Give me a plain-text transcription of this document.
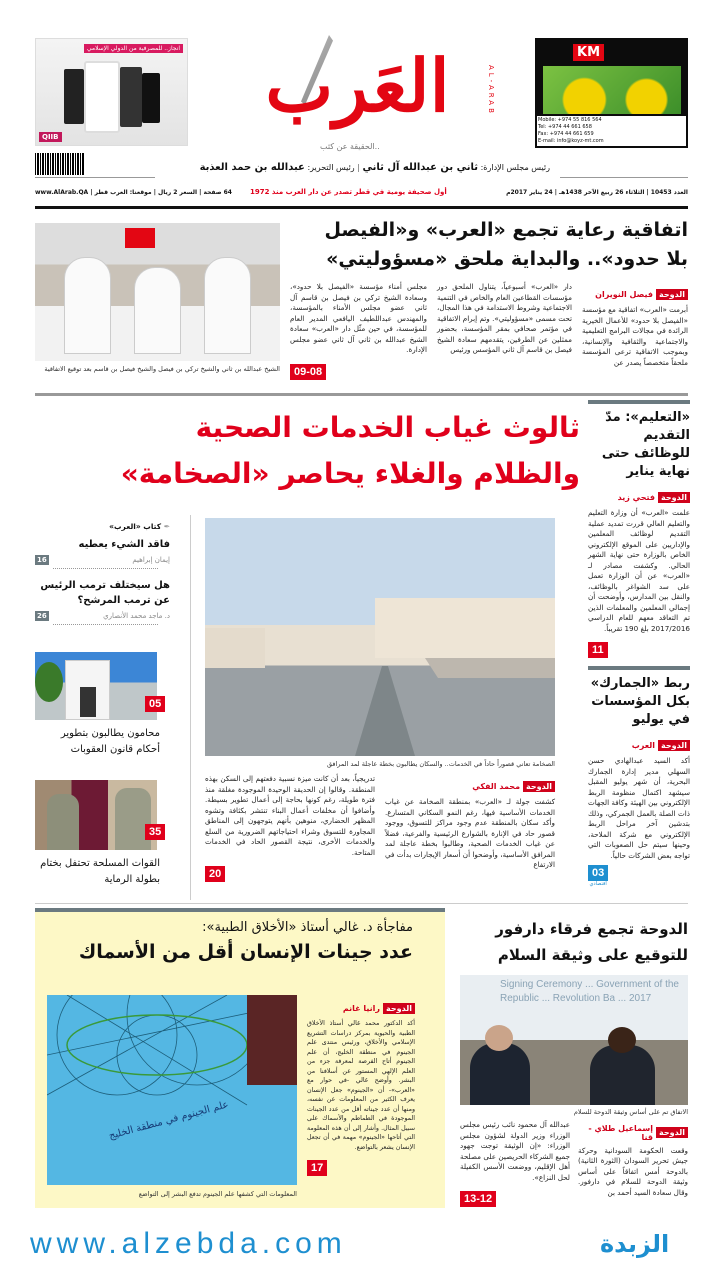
انجاز.. للمصرفية من الدولي الإسلامي
QIIB
العَرب	AL-ARAB
..الحقيقة عن كثب
KM
Mobile: +974 55 816 564
Tel: +974 44 661 658
Fax: +974 44 661 659
E-mail: info@koyz-mt.com
رئيس مجلس الإدارة: ثاني بن عبدالله آل ثاني | رئيس التحرير: عبدالله بن حمد العذبة
العدد 10453 | الثلاثاء 26 ربيع الآخر 1438هـ | 24 يناير 2017م
أول صحيفة يومية في قطر تصدر عن دار العرب منذ 1972
64 صفحة | السعر 2 ريال | موقعنا: العرب قطر | www.AlArab.QA
اتفاقية رعاية تجمع «العرب» و«الفيصل
بلا حدود».. والبداية ملحق «مسؤوليتي»
الشيخ عبدالله بن ثاني والشيخ تركي بن فيصل والشيخ فيصل بن قاسم بعد توقيع الاتفاقية
الدوحة
فيصل النويران
أبرمت «العرب» اتفاقية مع مؤسسة «الفيصل بلا حدود» للأعمال الخيرية الرائدة في مجالات البرامج التعليمية والاجتماعية والثقافية والإنسانية، وبموجب الاتفاقية ترعى المؤسسة ملحقاً متخصصاً يصدر عن
دار «العرب» أسبوعياً، يتناول الملحق دور مؤسسات القطاعين العام والخاص في التنمية الاجتماعية وشروط الاستدامة في هذا المجال، تحت مسمى «مسؤوليتي». وتم إبرام الاتفاقية في مؤتمر صحافي بمقر المؤسسة، بحضور ممثلين عن الطرفين، يتقدمهم سعادة الشيخ فيصل بن قاسم آل ثاني المؤسس ورئيس
مجلس أمناء مؤسسة «الفيصل بلا حدود»، وسعادة الشيخ تركي بن فيصل بن قاسم آل ثاني عضو مجلس الأمناء بالمؤسسة، والمهندس عبداللطيف اليافعي المدير العام للمؤسسة، في حين مثّل دار «العرب» سعادة الشيخ عبدالله بن ثاني آل ثاني عضو مجلس الإدارة.
09-08
«التعليم»: مدّ التقديم للوظائف حتى نهاية يناير
الدوحة
فتحي زيد
علمت «العرب» أن وزارة التعليم والتعليم العالي قررت تمديد عملية التقديم لوظائف المعلمين والإداريين على الموقع الإلكتروني الخاص بالوزارة حتى نهاية الشهر الحالي. وكشفت مصادر لـ «العرب» عن أن الوزارة تعمل على سد الشواغر بالوظائف، والنقل بين المدارس، وأوضحت أن إجمالي المعلمين والمعلمات الذين تم التعاقد معهم للعام الدراسي 2017/2016 بلغ 190 تقريباً.
11
ربط «الجمارك» بكل المؤسسات في يوليو
الدوحة
العرب
أكد السيد عبدالهادي حسن السهلي مدير إدارة الجمارك البحرية، أن شهر يوليو المقبل سيشهد اكتمال منظومة الربط الإلكتروني بين الهيئة وكافة الجهات ذات الصلة بالعمل الجمركي، وذلك بتدشين آخر مراحل الربط الإلكتروني مع شركة الملاحة، وحينها سيتم حل الصعوبات التي تواجه بعض الشركات حالياً.
03
اقتصادي
ثالوث غياب الخدمات الصحية
والظلام والغلاء يحاصر «الصخامة»
الصخامة تعاني قصوراً حاداً في الخدمات.. والسكان يطالبون بخطة عاجلة لمد المرافق
الدوحة
محمد الفكي
كشفت جولة لـ «العرب» بمنطقة الصخامة عن غياب الخدمات الأساسية فيها، رغم النمو السكاني المتسارع. وأكد سكان بالمنطقة عدم وجود مراكز للتسوق، ووجود قصور حاد في الإنارة بالشوارع الرئيسية والفرعية، فضلاً عن غياب الخدمات الصحية، وطالبوا بخطة عاجلة لمد المرافق الأساسية، وأوضحوا أن أسعار الإيجارات بدأت في الارتفاع
تدريجياً، بعد أن كانت ميزة نسبية دفعتهم إلى السكن بهذه المنطقة. وقالوا إن الحديقة الوحيدة الموجودة مغلقة منذ فترة طويلة، رغم كونها بحاجة إلى أعمال تطوير بسيطة. وأضافوا أن مخلفات أعمال البناء تنتشر بكثافة وتشوه المظهر الحضاري، منوهين بأنهم يتوجهون إلى المناطق المجاورة للتسوق وشراء احتياجاتهم الضرورية من السلع والخدمات الأخرى، نتيجة القصور الحاد في الخدمات المتاحة.
20
✒ كتاب «العرب»
فاقد الشيء يعطيه
16	إيمان إبراهيم
هل سيختلف ترمب الرئيس عن ترمب المرشح؟
26	د. ماجد محمد الأنصاري
05
محامون يطالبون بتطوير أحكام قانون العقوبات
35
القوات المسلحة تحتفل بختام بطولة الرماية
مفاجأة د. غالي أستاذ «الأخلاق الطبية»:
عدد جينات الإنسان أقل من الأسماك
علم الجينوم في منطقة الخليج
المعلومات التي كشفها علم الجينوم تدفع البشر إلى التواضع
الدوحة
رانيا غانم
أكد الدكتور محمد غالي أستاذ الأخلاق الطبية والحيوية بمركز دراسات التشريع الإسلامي والأخلاق، ورئيس منتدى علم الجينوم في منطقة الخليج، أن علم الجينوم أتاح الفرصة لمعرفة جزء من العلم الإلهي المستور عن أسلافنا من البشر. وأوضح غالي -في حوار مع «العرب»- أن «الجينوم» جعل الإنسان يعرف الكثير من المعلومات عن نفسه، ومنها أن عدد جيناته أقل من عدد الجينات الموجودة في الطماطم والأسماك على سبيل المثال. وأشار إلى أن هذه المعلومة التي أتاحها «الجينوم» مهمة في أن تجعل الإنسان يشعر بالتواضع.
17
الدوحة تجمع فرقاء دارفور للتوقيع على وثيقة السلام
Signing Ceremony ... Government of the Republic ... Revolution Ba ... 2017
الاتفاق تم على أساس وثيقة الدوحة للسلام
الدوحة
إسماعيل طلاي - قنا
وقعت الحكومة السودانية وحركة جيش تحرير السودان (الثورة الثانية) بالدوحة أمس اتفاقاً على أساس وثيقة الدوحة للسلام في دارفور. وقال سعادة السيد أحمد بن
عبدالله آل محمود نائب رئيس مجلس الوزراء وزير الدولة لشؤون مجلس الوزراء: «إن الوثيقة توجت جهود جميع الشركاء الحريصين على مصلحة أهل الإقليم، ووضعت الأسس الكفيلة لحل النزاع».
13-12
www.alzebda.com	الزبدة
